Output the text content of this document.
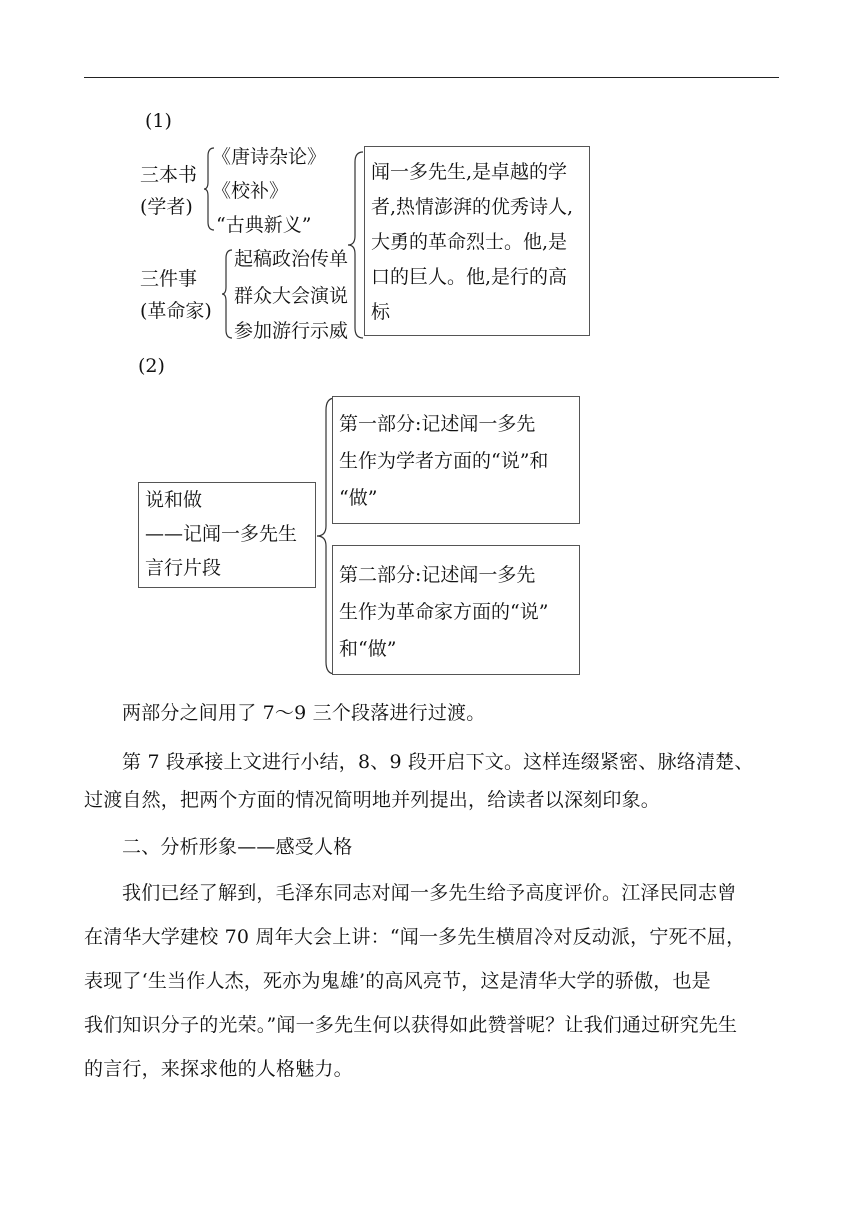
(1)
三本书
(学者)
《唐诗杂论》
《校补》
“古典新义”
三件事
(革命家)
起稿政治传单
群众大会演说
参加游行示威
闻一多先生,是卓越的学
者,热情澎湃的优秀诗人,
大勇的革命烈士。他,是
口的巨人。他,是行的高
标
(2)
说和做
——记闻一多先生
言行片段
第一部分:记述闻一多先
生作为学者方面的“说”和
“做”
第二部分:记述闻一多先
生作为革命家方面的“说”
和“做”
两部分之间用了 7～9 三个段落进行过渡。
第 7 段承接上文进行小结，8、9 段开启下文。这样连缀紧密、脉络清楚、
过渡自然，把两个方面的情况简明地并列提出，给读者以深刻印象。
二、分析形象——感受人格
我们已经了解到，毛泽东同志对闻一多先生给予高度评价。江泽民同志曾
在清华大学建校 70 周年大会上讲：“闻一多先生横眉冷对反动派，宁死不屈，
表现了‘生当作人杰，死亦为鬼雄’的高风亮节，这是清华大学的骄傲，也是
我们知识分子的光荣。”闻一多先生何以获得如此赞誉呢？让我们通过研究先生
的言行，来探求他的人格魅力。
